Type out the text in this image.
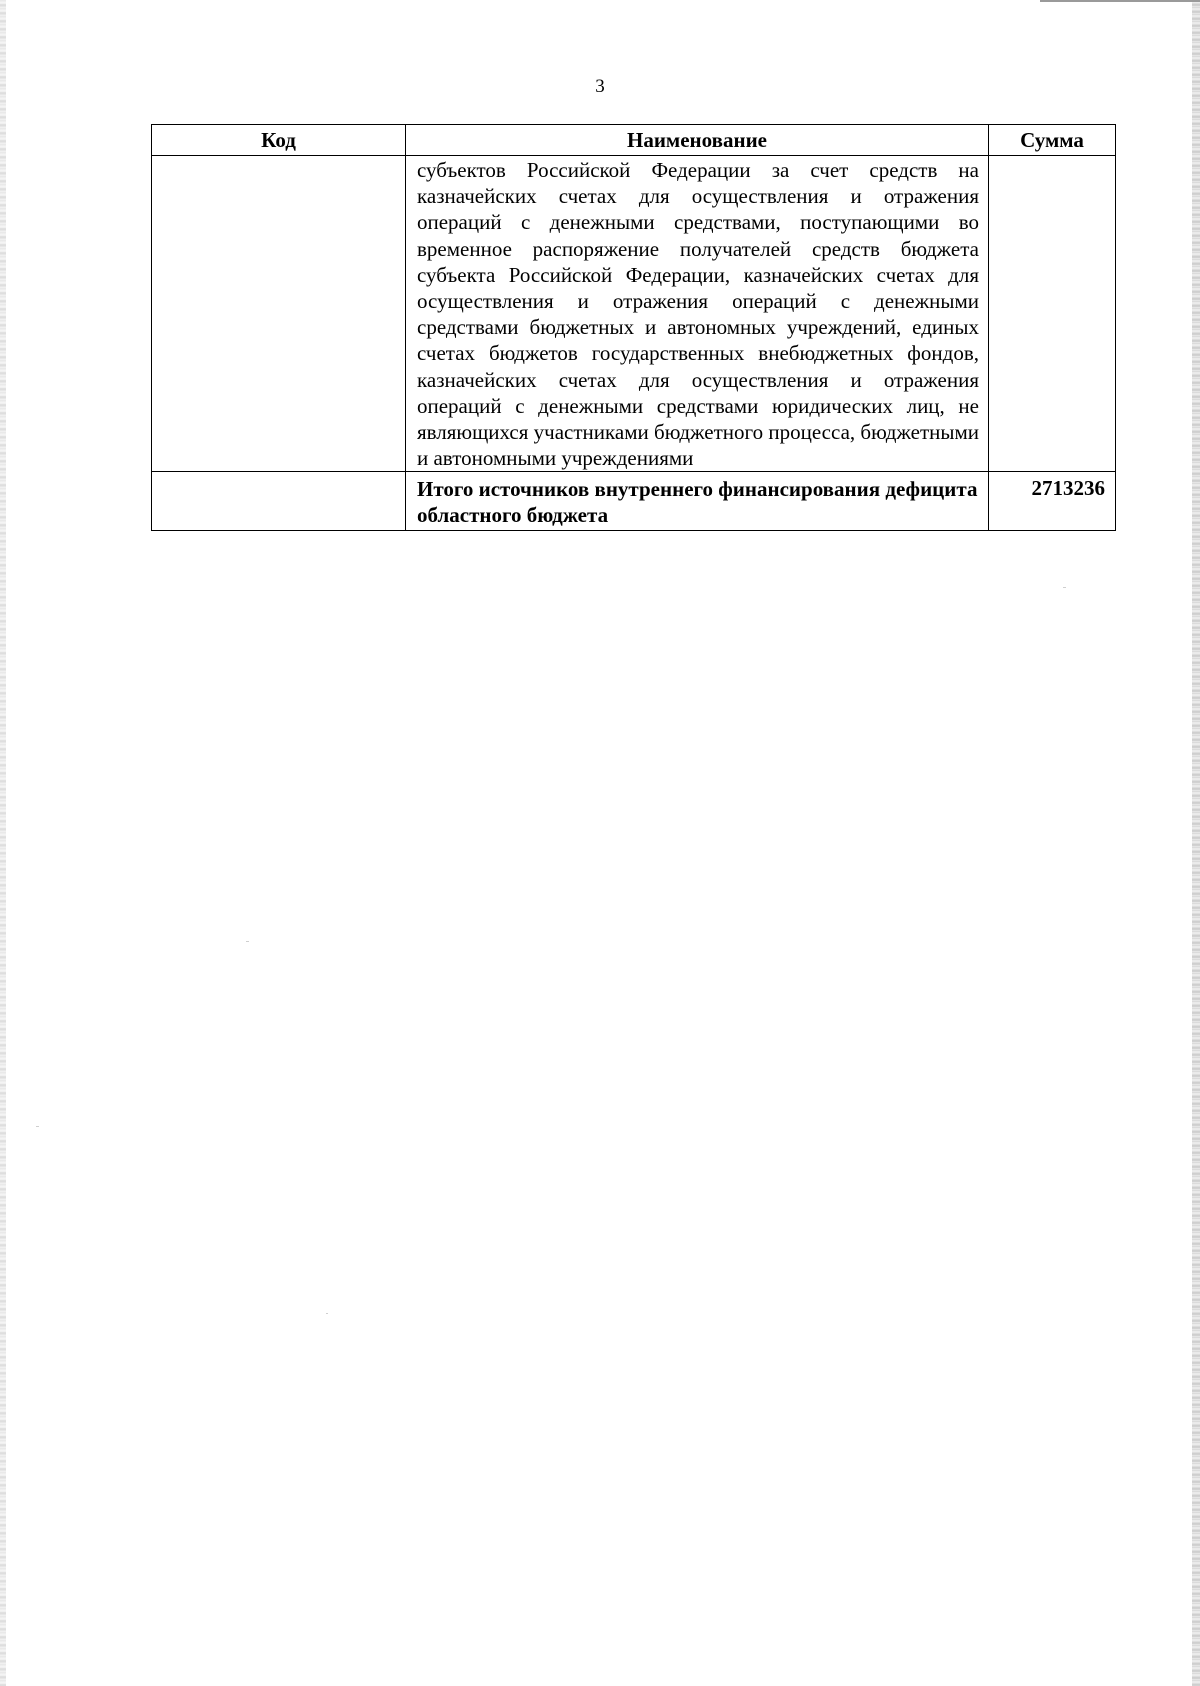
3
Код	Наименование	Сумма

	субъектов Российской Федерации за счет средств на казначейских счетах для осуществления и отражения операций с денежными средствами, поступающими во временное распоряжение получателей средств бюджета субъекта Российской Федерации, казначейских счетах для осуществления и отражения операций с денежными средствами бюджетных и автономных учреждений, единых счетах бюджетов государственных внебюджетных фондов, казначейских счетах для осуществления и отражения операций с денежными средствами юридических лиц, не являющихся участниками бюджетного процесса, бюджетными и автономными учреждениями	

	Итого источников внутреннего финансирования дефицита областного бюджета	2713236
